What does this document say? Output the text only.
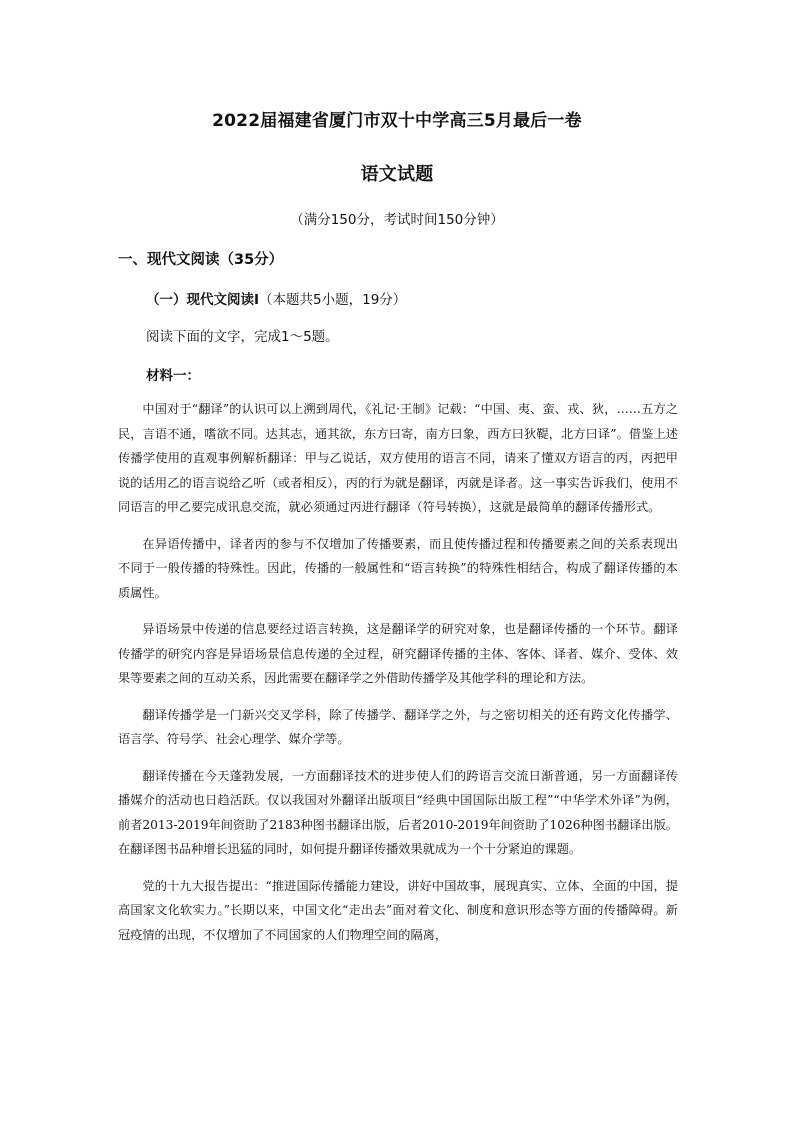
2022届福建省厦门市双十中学高三5月最后一卷
语文试题
（满分150分，考试时间150分钟）
一、现代文阅读（35分）
（一）现代文阅读Ⅰ（本题共5小题，19分）
阅读下面的文字，完成1～5题。
材料一：

中国对于“翻译”的认识可以上溯到周代，《礼记·王制》记载：“中国、夷、蛮、戎、狄，……五方之民，言语不通，嗜欲不同。达其志，通其欲，东方曰寄，南方曰象，西方曰狄鞮，北方曰译”。借鉴上述传播学使用的直观事例解析翻译：甲与乙说话，双方使用的语言不同，请来了懂双方语言的丙，丙把甲说的话用乙的语言说给乙听（或者相反），丙的行为就是翻译，丙就是译者。这一事实告诉我们，使用不同语言的甲乙要完成讯息交流，就必须通过丙进行翻译（符号转换），这就是最简单的翻译传播形式。

在异语传播中，译者丙的参与不仅增加了传播要素，而且使传播过程和传播要素之间的关系表现出不同于一般传播的特殊性。因此，传播的一般属性和“语言转换”的特殊性相结合，构成了翻译传播的本质属性。

异语场景中传递的信息要经过语言转换，这是翻译学的研究对象，也是翻译传播的一个环节。翻译传播学的研究内容是异语场景信息传递的全过程，研究翻译传播的主体、客体、译者、媒介、受体、效果等要素之间的互动关系，因此需要在翻译学之外借助传播学及其他学科的理论和方法。

翻译传播学是一门新兴交叉学科，除了传播学、翻译学之外，与之密切相关的还有跨文化传播学、语言学、符号学、社会心理学、媒介学等。

翻译传播在今天蓬勃发展，一方面翻译技术的进步使人们的跨语言交流日渐普通，另一方面翻译传播媒介的活动也日趋活跃。仅以我国对外翻译出版项目“经典中国国际出版工程”“中华学术外译”为例，前者2013-2019年间资助了2183种图书翻译出版，后者2010-2019年间资助了1026种图书翻译出版。在翻译图书品种增长迅猛的同时，如何提升翻译传播效果就成为一个十分紧迫的课题。

党的十九大报告提出：“推进国际传播能力建设，讲好中国故事，展现真实、立体、全面的中国，提高国家文化软实力。”长期以来，中国文化“走出去”面对着文化、制度和意识形态等方面的传播障碍。新冠疫情的出现，不仅增加了不同国家的人们物理空间的隔离，
